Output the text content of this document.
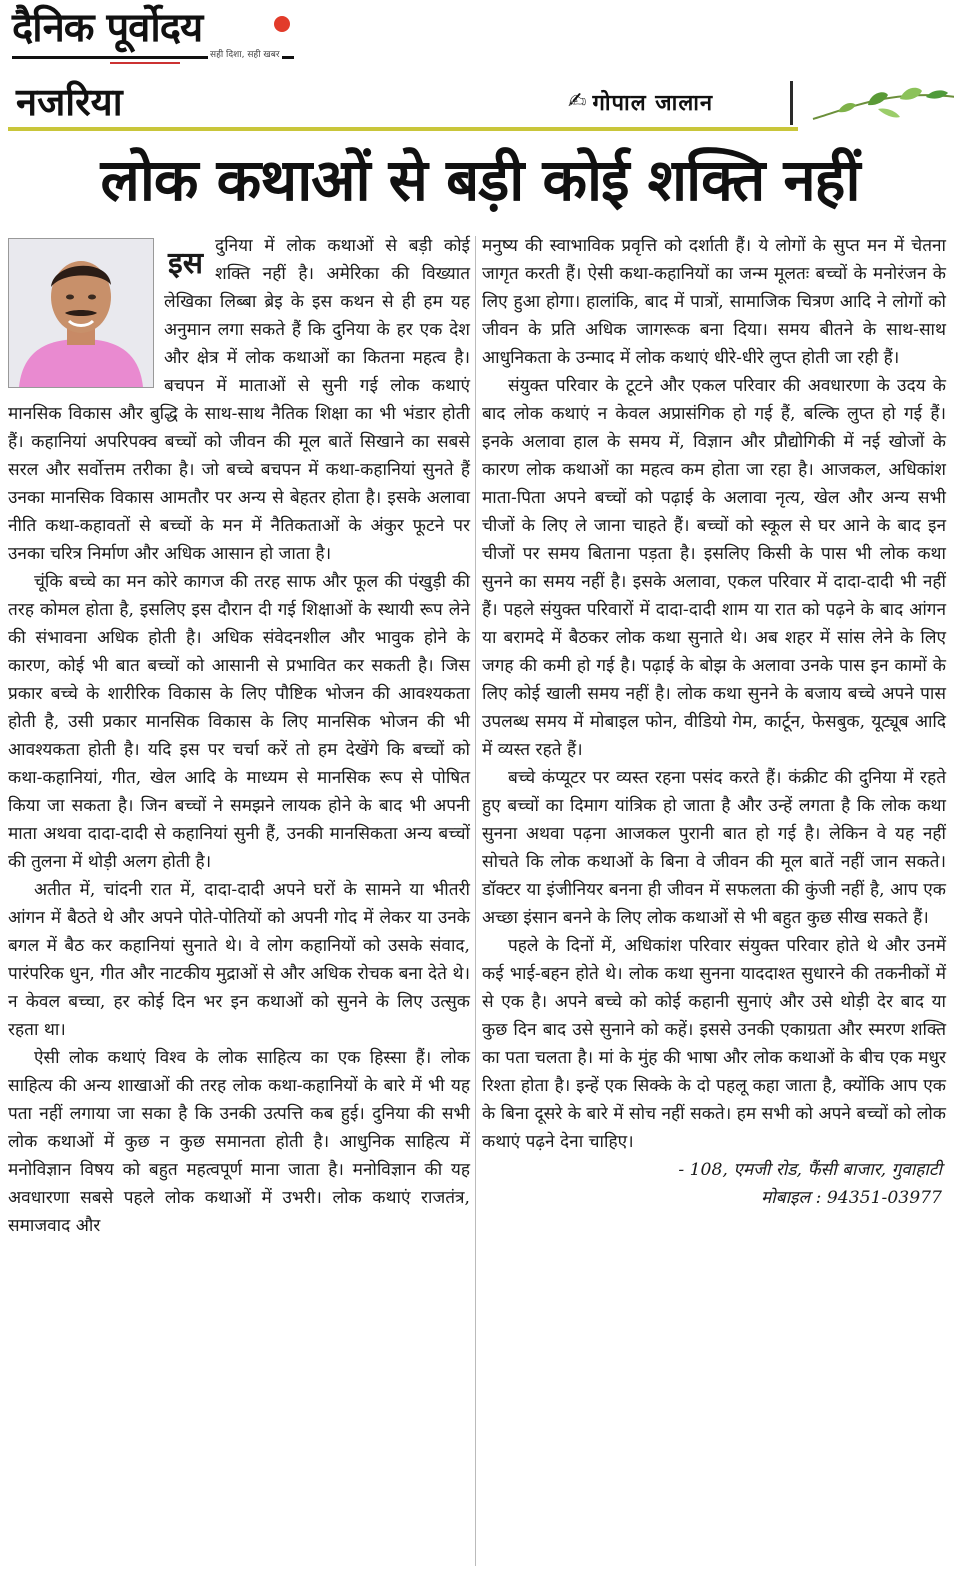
दैनिक पूर्वोदय
सही दिशा, सही खबर
नजरिया	✍ गोपाल जालान
लोक कथाओं से बड़ी कोई शक्ति नहीं
इस दुनिया में लोक कथाओं से बड़ी कोई शक्ति नहीं है। अमेरिका की विख्यात लेखिका लिब्बा ब्रेइ के इस कथन से ही हम यह अनुमान लगा सकते हैं कि दुनिया के हर एक देश और क्षेत्र में लोक कथाओं का कितना महत्व है। बचपन में माताओं से सुनी गई लोक कथाएं मानसिक विकास और बुद्धि के साथ-साथ नैतिक शिक्षा का भी भंडार होती हैं। कहानियां अपरिपक्व बच्चों को जीवन की मूल बातें सिखाने का सबसे सरल और सर्वोत्तम तरीका है। जो बच्चे बचपन में कथा-कहानियां सुनते हैं उनका मानसिक विकास आमतौर पर अन्य से बेहतर होता है। इसके अलावा नीति कथा-कहावतों से बच्चों के मन में नैतिकताओं के अंकुर फूटने पर उनका चरित्र निर्माण और अधिक आसान हो जाता है।

चूंकि बच्चे का मन कोरे कागज की तरह साफ और फूल की पंखुड़ी की तरह कोमल होता है, इसलिए इस दौरान दी गई शिक्षाओं के स्थायी रूप लेने की संभावना अधिक होती है। अधिक संवेदनशील और भावुक होने के कारण, कोई भी बात बच्चों को आसानी से प्रभावित कर सकती है। जिस प्रकार बच्चे के शारीरिक विकास के लिए पौष्टिक भोजन की आवश्यकता होती है, उसी प्रकार मानसिक विकास के लिए मानसिक भोजन की भी आवश्यकता होती है। यदि इस पर चर्चा करें तो हम देखेंगे कि बच्चों को कथा-कहानियां, गीत, खेल आदि के माध्यम से मानसिक रूप से पोषित किया जा सकता है। जिन बच्चों ने समझने लायक होने के बाद भी अपनी माता अथवा दादा-दादी से कहानियां सुनी हैं, उनकी मानसिकता अन्य बच्चों की तुलना में थोड़ी अलग होती है।

अतीत में, चांदनी रात में, दादा-दादी अपने घरों के सामने या भीतरी आंगन में बैठते थे और अपने पोते-पोतियों को अपनी गोद में लेकर या उनके बगल में बैठ कर कहानियां सुनाते थे। वे लोग कहानियों को उसके संवाद, पारंपरिक धुन, गीत और नाटकीय मुद्राओं से और अधिक रोचक बना देते थे। न केवल बच्चा, हर कोई दिन भर इन कथाओं को सुनने के लिए उत्सुक रहता था।

ऐसी लोक कथाएं विश्व के लोक साहित्य का एक हिस्सा हैं। लोक साहित्य की अन्य शाखाओं की तरह लोक कथा-कहानियों के बारे में भी यह पता नहीं लगाया जा सका है कि उनकी उत्पत्ति कब हुई। दुनिया की सभी लोक कथाओं में कुछ न कुछ समानता होती है। आधुनिक साहित्य में मनोविज्ञान विषय को बहुत महत्वपूर्ण माना जाता है। मनोविज्ञान की यह अवधारणा सबसे पहले लोक कथाओं में उभरी। लोक कथाएं राजतंत्र, समाजवाद और

मनुष्य की स्वाभाविक प्रवृत्ति को दर्शाती हैं। ये लोगों के सुप्त मन में चेतना जागृत करती हैं। ऐसी कथा-कहानियों का जन्म मूलतः बच्चों के मनोरंजन के लिए हुआ होगा। हालांकि, बाद में पात्रों, सामाजिक चित्रण आदि ने लोगों को जीवन के प्रति अधिक जागरूक बना दिया। समय बीतने के साथ-साथ आधुनिकता के उन्माद में लोक कथाएं धीरे-धीरे लुप्त होती जा रही हैं।

संयुक्त परिवार के टूटने और एकल परिवार की अवधारणा के उदय के बाद लोक कथाएं न केवल अप्रासंगिक हो गई हैं, बल्कि लुप्त हो गई हैं। इनके अलावा हाल के समय में, विज्ञान और प्रौद्योगिकी में नई खोजों के कारण लोक कथाओं का महत्व कम होता जा रहा है। आजकल, अधिकांश माता-पिता अपने बच्चों को पढ़ाई के अलावा नृत्य, खेल और अन्य सभी चीजों के लिए ले जाना चाहते हैं। बच्चों को स्कूल से घर आने के बाद इन चीजों पर समय बिताना पड़ता है। इसलिए किसी के पास भी लोक कथा सुनने का समय नहीं है। इसके अलावा, एकल परिवार में दादा-दादी भी नहीं हैं। पहले संयुक्त परिवारों में दादा-दादी शाम या रात को पढ़ने के बाद आंगन या बरामदे में बैठकर लोक कथा सुनाते थे। अब शहर में सांस लेने के लिए जगह की कमी हो गई है। पढ़ाई के बोझ के अलावा उनके पास इन कामों के लिए कोई खाली समय नहीं है। लोक कथा सुनने के बजाय बच्चे अपने पास उपलब्ध समय में मोबाइल फोन, वीडियो गेम, कार्टून, फेसबुक, यूट्यूब आदि में व्यस्त रहते हैं।

बच्चे कंप्यूटर पर व्यस्त रहना पसंद करते हैं। कंक्रीट की दुनिया में रहते हुए बच्चों का दिमाग यांत्रिक हो जाता है और उन्हें लगता है कि लोक कथा सुनना अथवा पढ़ना आजकल पुरानी बात हो गई है। लेकिन वे यह नहीं सोचते कि लोक कथाओं के बिना वे जीवन की मूल बातें नहीं जान सकते। डॉक्टर या इंजीनियर बनना ही जीवन में सफलता की कुंजी नहीं है, आप एक अच्छा इंसान बनने के लिए लोक कथाओं से भी बहुत कुछ सीख सकते हैं।

पहले के दिनों में, अधिकांश परिवार संयुक्त परिवार होते थे और उनमें कई भाई-बहन होते थे। लोक कथा सुनना याददाश्त सुधारने की तकनीकों में से एक है। अपने बच्चे को कोई कहानी सुनाएं और उसे थोड़ी देर बाद या कुछ दिन बाद उसे सुनाने को कहें। इससे उनकी एकाग्रता और स्मरण शक्ति का पता चलता है। मां के मुंह की भाषा और लोक कथाओं के बीच एक मधुर रिश्ता होता है। इन्हें एक सिक्के के दो पहलू कहा जाता है, क्योंकि आप एक के बिना दूसरे के बारे में सोच नहीं सकते। हम सभी को अपने बच्चों को लोक कथाएं पढ़ने देना चाहिए।

- 108, एमजी रोड, फैंसी बाजार, गुवाहाटी

मोबाइल : 94351-03977
